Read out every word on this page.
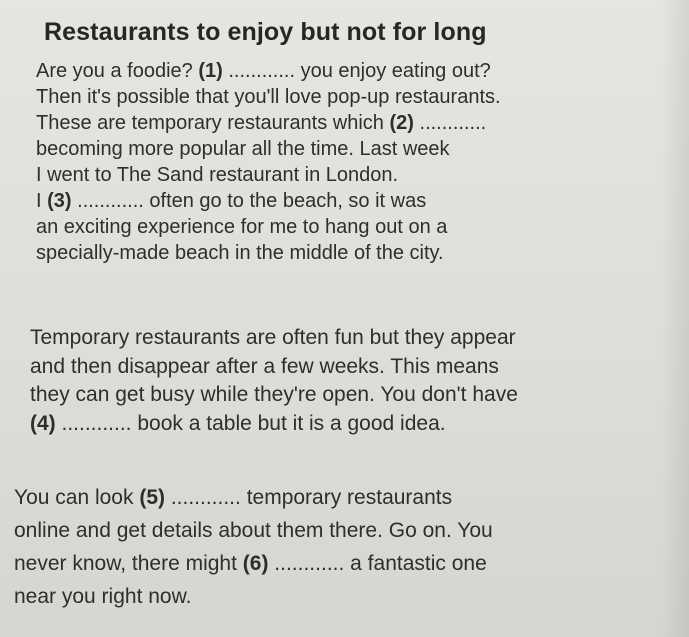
Restaurants to enjoy but not for long
Are you a foodie? (1) ............ you enjoy eating out?
Then it's possible that you'll love pop-up restaurants.
These are temporary restaurants which (2) ............
becoming more popular all the time. Last week
I went to The Sand restaurant in London.
I (3) ............ often go to the beach, so it was
an exciting experience for me to hang out on a
specially-made beach in the middle of the city.
Temporary restaurants are often fun but they appear
and then disappear after a few weeks. This means
they can get busy while they're open. You don't have
(4) ............ book a table but it is a good idea.
You can look (5) ............ temporary restaurants
online and get details about them there. Go on. You
never know, there might (6) ............ a fantastic one
near you right now.
